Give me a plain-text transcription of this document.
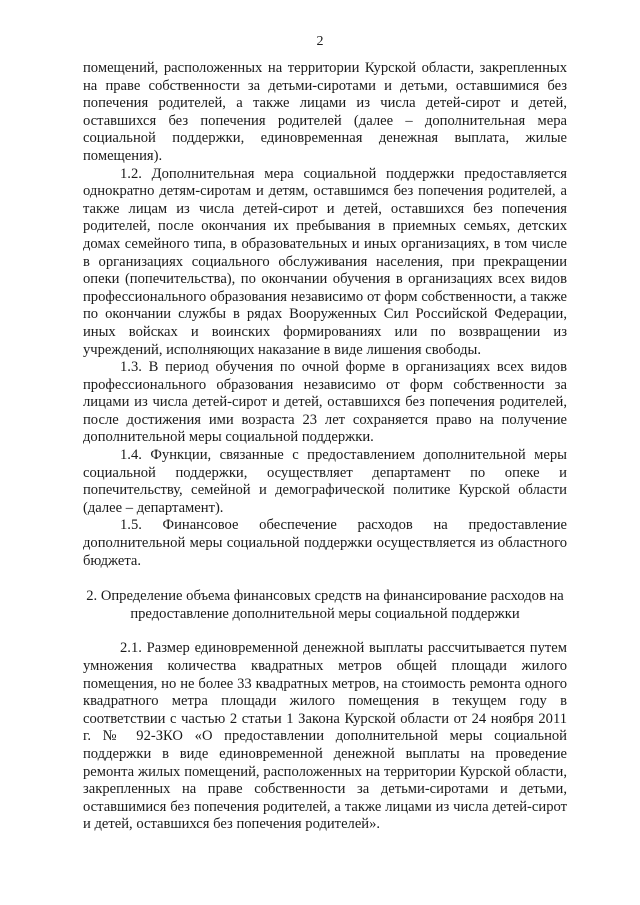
2

помещений, расположенных на территории Курской области, закрепленных на праве собственности за детьми-сиротами и детьми, оставшимися без попечения родителей, а также лицами из числа детей-сирот и детей, оставшихся без попечения родителей (далее – дополнительная мера социальной поддержки, единовременная денежная выплата, жилые помещения).

1.2. Дополнительная мера социальной поддержки предоставляется однократно детям-сиротам и детям, оставшимся без попечения родителей, а также лицам из числа детей-сирот и детей, оставшихся без попечения родителей, после окончания их пребывания в приемных семьях, детских домах семейного типа, в образовательных и иных организациях, в том числе в организациях социального обслуживания населения, при прекращении опеки (попечительства), по окончании обучения в организациях всех видов профессионального образования независимо от форм собственности, а также по окончании службы в рядах Вооруженных Сил Российской Федерации, иных войсках и воинских формированиях или по возвращении из учреждений, исполняющих наказание в виде лишения свободы.

1.3. В период обучения по очной форме в организациях всех видов профессионального образования независимо от форм собственности за лицами из числа детей-сирот и детей, оставшихся без попечения родителей, после достижения ими возраста 23 лет сохраняется право на получение дополнительной меры социальной поддержки.

1.4. Функции, связанные с предоставлением дополнительной меры социальной поддержки, осуществляет департамент по опеке и попечительству, семейной и демографической политике Курской области (далее – департамент).

1.5. Финансовое обеспечение расходов на предоставление дополнительной меры социальной поддержки осуществляется из областного бюджета.

2. Определение объема финансовых средств на финансирование расходов на предоставление дополнительной меры социальной поддержки

2.1. Размер единовременной денежной выплаты рассчитывается путем умножения количества квадратных метров общей площади жилого помещения, но не более 33 квадратных метров, на стоимость ремонта одного квадратного метра площади жилого помещения в текущем году в соответствии с частью 2 статьи 1 Закона Курской области от 24 ноября 2011 г. № 92-ЗКО «О предоставлении дополнительной меры социальной поддержки в виде единовременной денежной выплаты на проведение ремонта жилых помещений, расположенных на территории Курской области, закрепленных на праве собственности за детьми-сиротами и детьми, оставшимися без попечения родителей, а также лицами из числа детей-сирот и детей, оставшихся без попечения родителей».
